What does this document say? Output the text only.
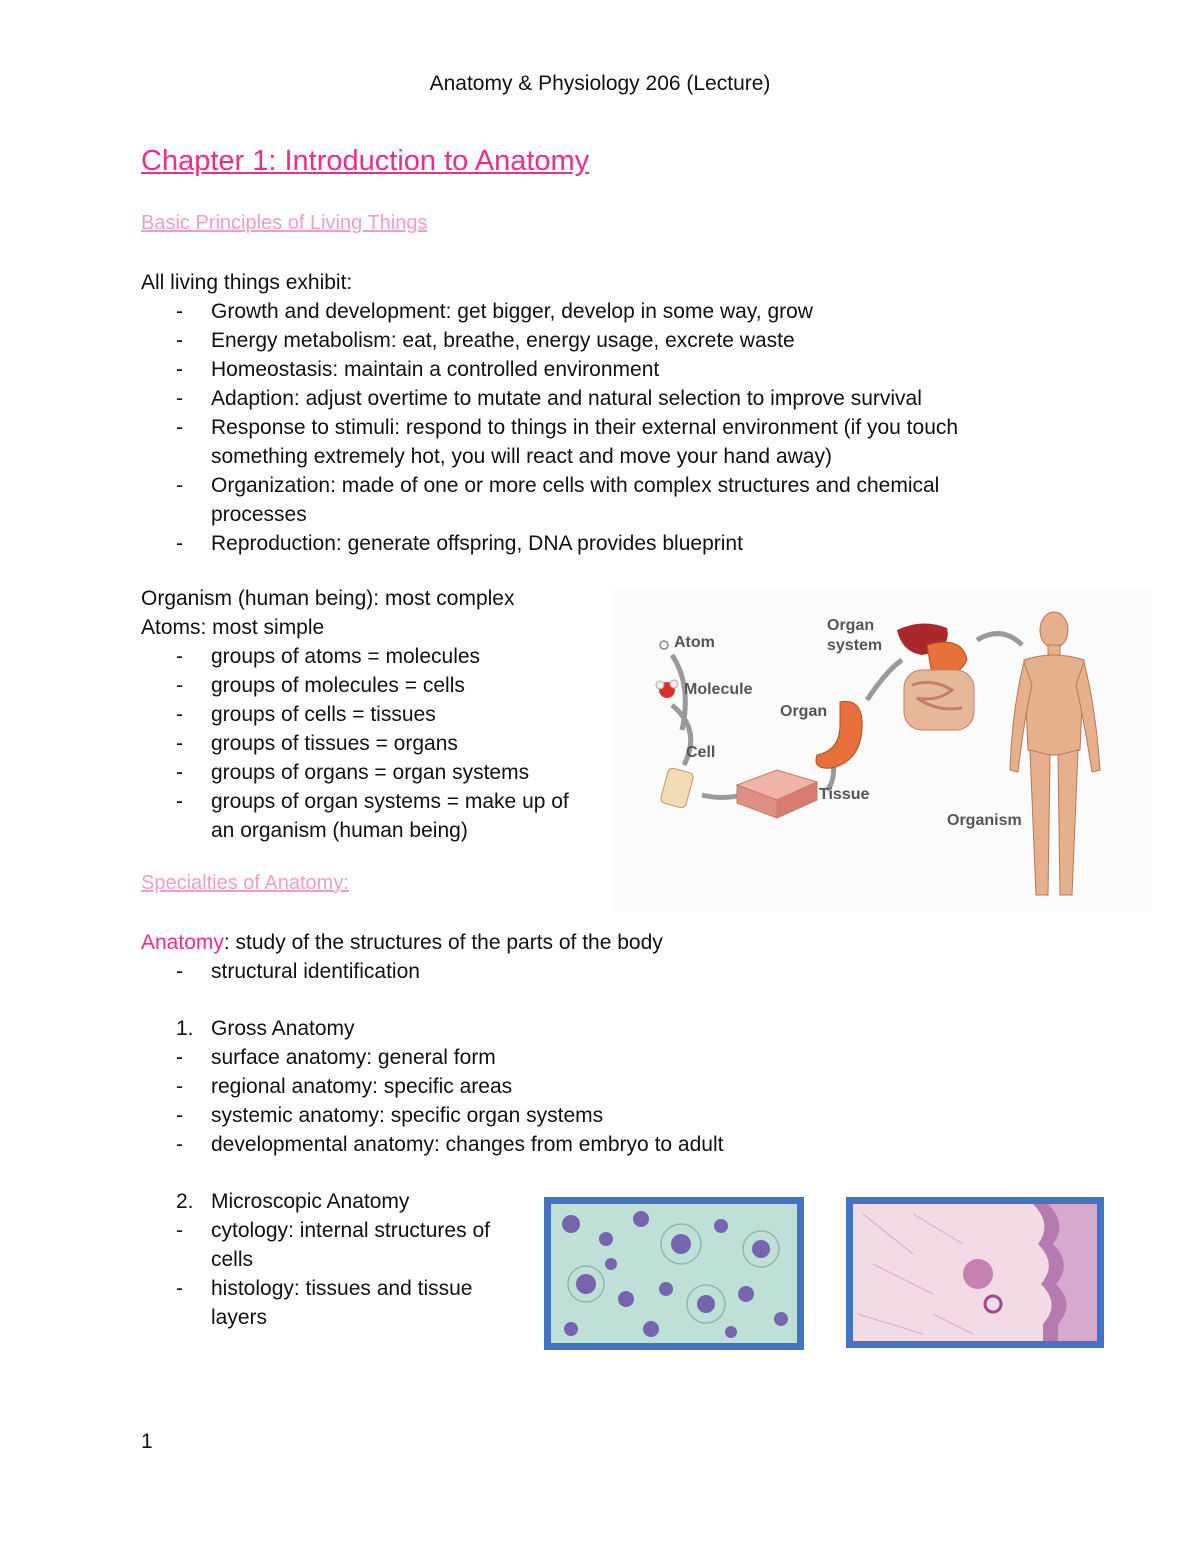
Anatomy & Physiology 206 (Lecture)
Chapter 1: Introduction to Anatomy
Basic Principles of Living Things
All living things exhibit:
- Growth and development: get bigger, develop in some way, grow
- Energy metabolism: eat, breathe, energy usage, excrete waste
- Homeostasis: maintain a controlled environment
- Adaption: adjust overtime to mutate and natural selection to improve survival
- Response to stimuli: respond to things in their external environment (if you touch something extremely hot, you will react and move your hand away)
- Organization: made of one or more cells with complex structures and chemical processes
- Reproduction: generate offspring, DNA provides blueprint
Organism (human being): most complex
Atoms: most simple
- groups of atoms = molecules
- groups of molecules = cells
- groups of cells = tissues
- groups of tissues = organs
- groups of organs = organ systems
- groups of organ systems = make up of an organism (human being)
Atom
Molecule
Cell
Tissue
Organ
Organ
system
Organism
Specialties of Anatomy:
Anatomy: study of the structures of the parts of the body
- structural identification
1. Gross Anatomy
- surface anatomy: general form
- regional anatomy: specific areas
- systemic anatomy: specific organ systems
- developmental anatomy: changes from embryo to adult
2. Microscopic Anatomy
- cytology: internal structures of cells
- histology: tissues and tissue layers
1
